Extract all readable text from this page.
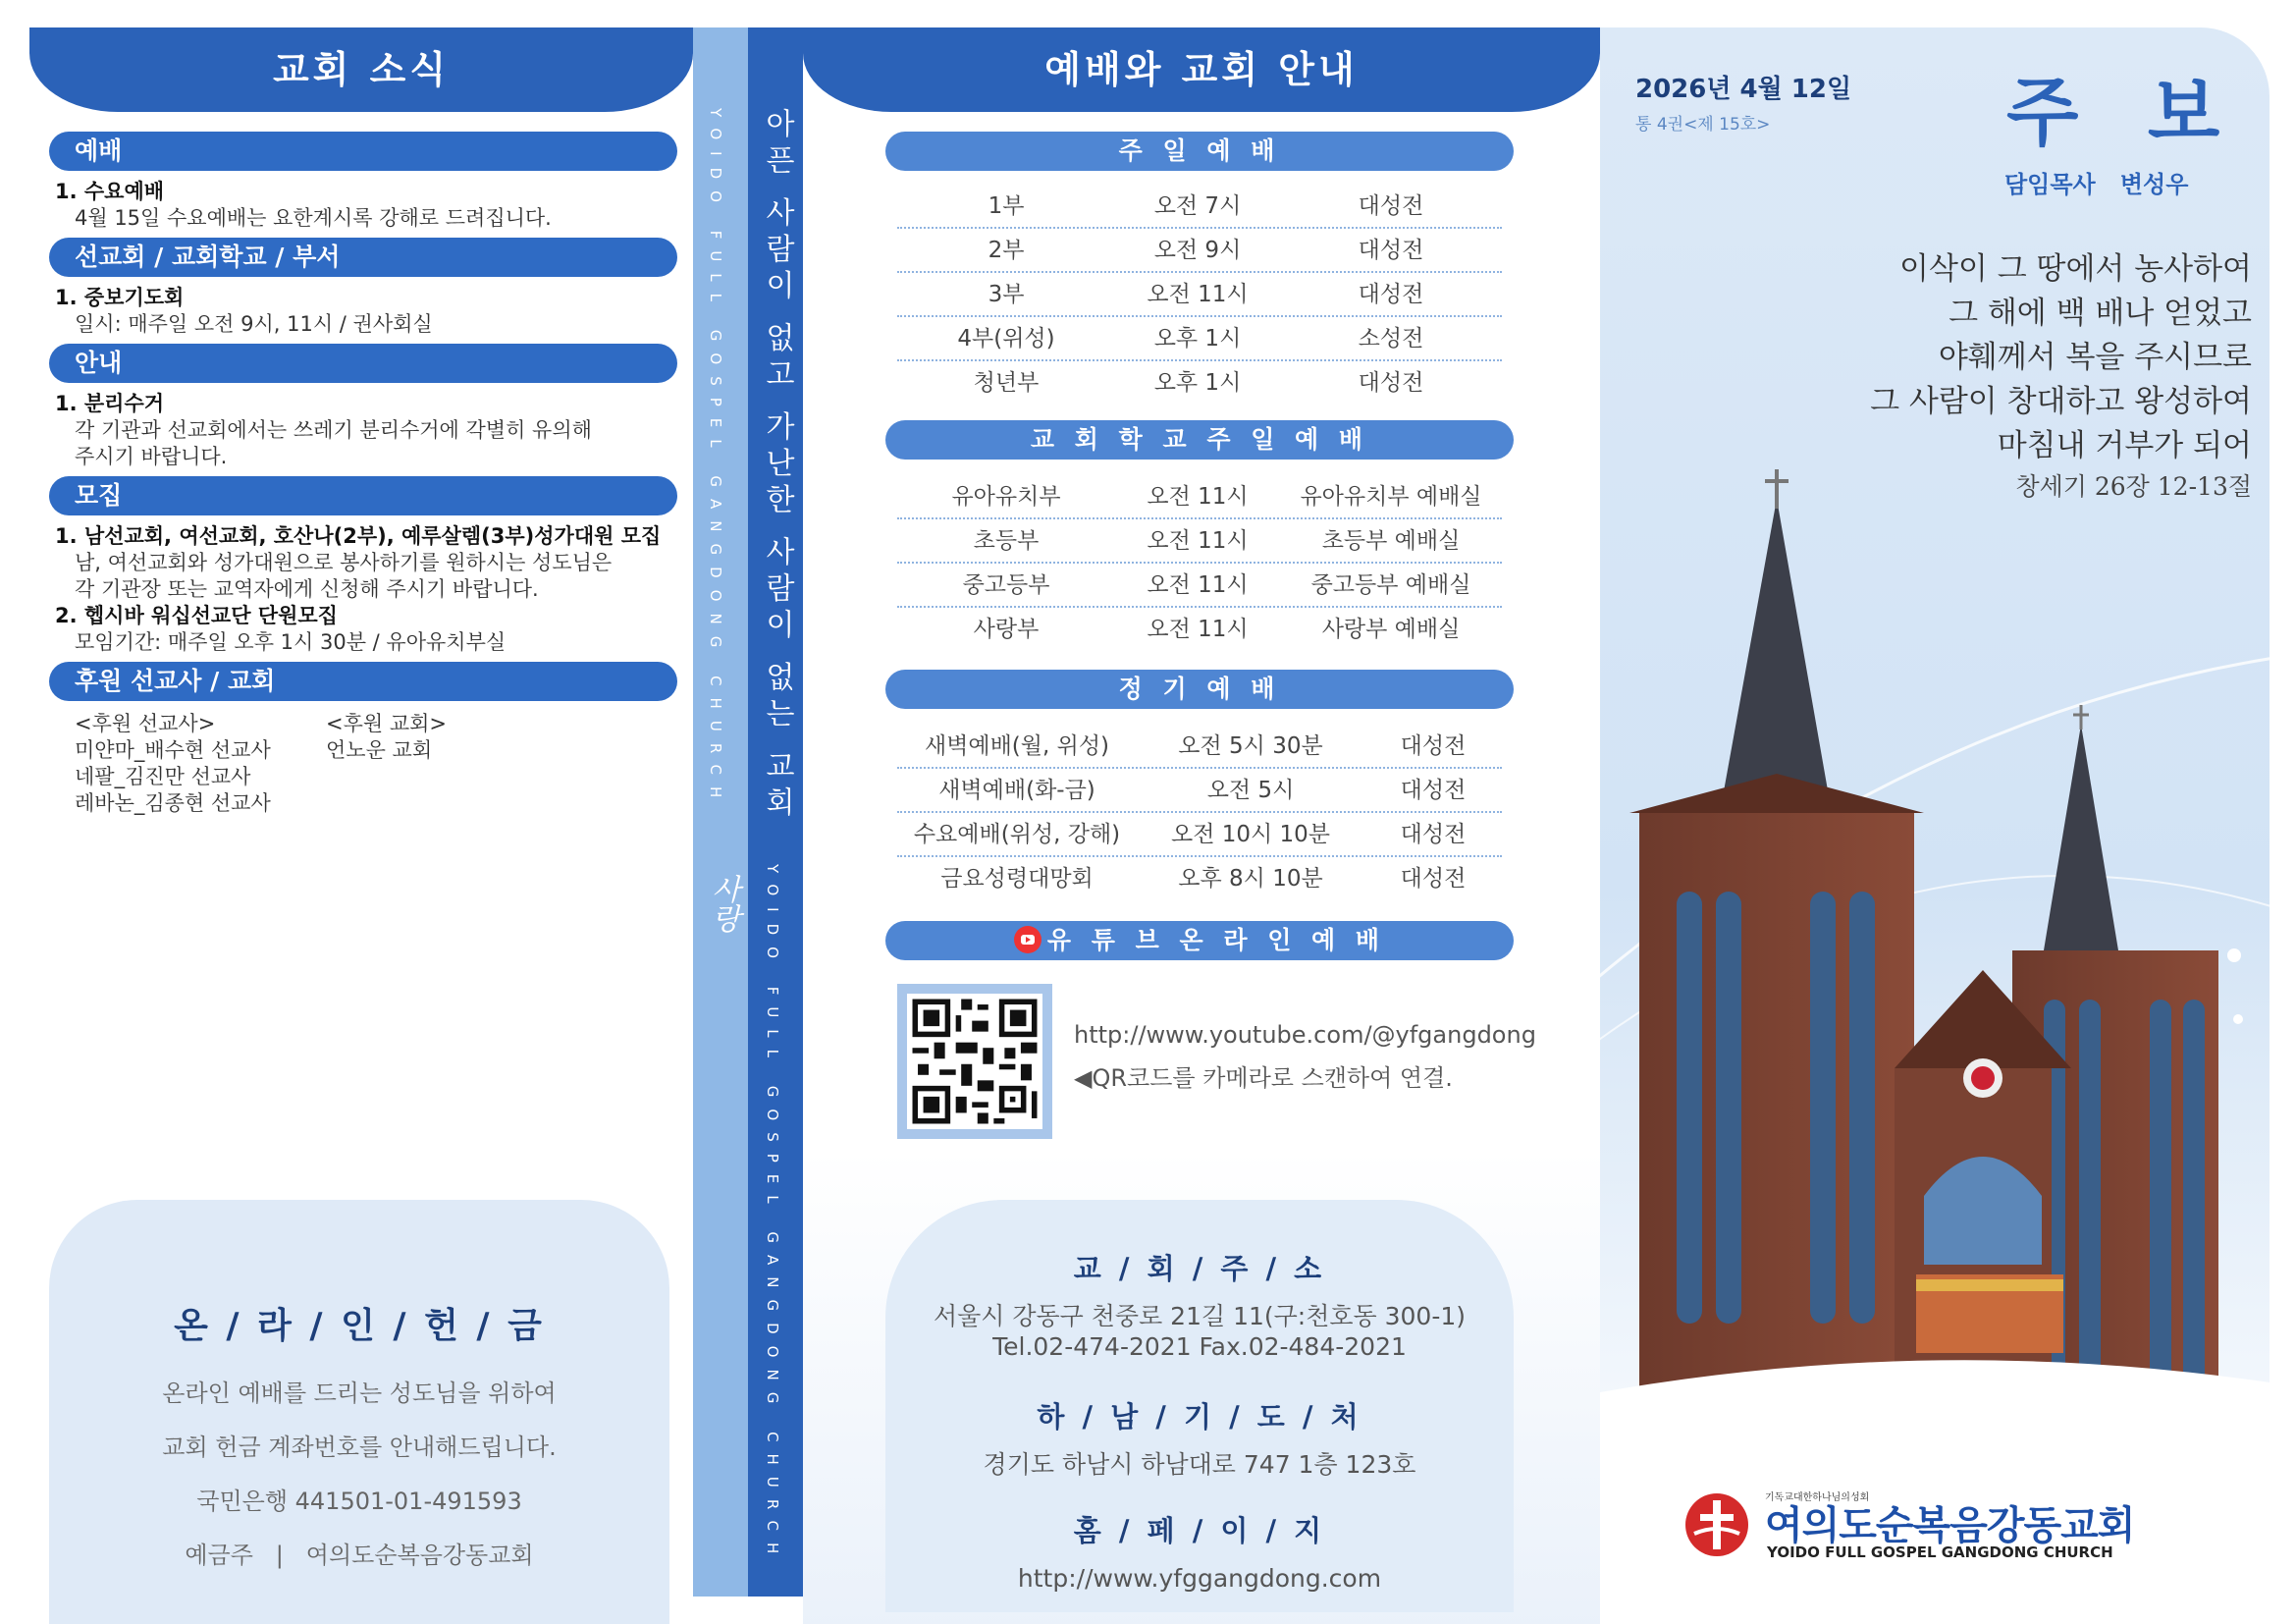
교회 소식
예배
1. 수요예배
4월 15일 수요예배는 요한계시록 강해로 드려집니다.
선교회 / 교회학교 / 부서
1. 중보기도회
일시: 매주일 오전 9시, 11시 / 권사회실
안내
1. 분리수거
각 기관과 선교회에서는 쓰레기 분리수거에 각별히 유의해
주시기 바랍니다.
모집
1. 남선교회, 여선교회, 호산나(2부), 예루살렘(3부)성가대원 모집
남, 여선교회와 성가대원으로 봉사하기를 원하시는 성도님은
각 기관장 또는 교역자에게 신청해 주시기 바랍니다.
2. 헵시바 워십선교단 단원모집
모임기간: 매주일 오후 1시 30분 / 유아유치부실
후원 선교사 / 교회
<후원 선교사>
미얀마_배수현 선교사
네팔_김진만 선교사
레바논_김종현 선교사
<후원 교회>
언노운 교회
온 / 라 / 인 / 헌 / 금
온라인 예배를 드리는 성도님을 위하여
교회 헌금 계좌번호를 안내해드립니다.
국민은행 441501-01-491593
예금주   |   여의도순복음강동교회
YOIDO FULL GOSPEL GANGDONG CHURCH
사랑
아픈 사람이 없고 가난한 사람이 없는 교회
YOIDO FULL GOSPEL GANGDONG CHURCH
예배와 교회 안내
주 일 예 배
1부	오전 7시	대성전
2부	오전 9시	대성전
3부	오전 11시	대성전
4부(위성)	오후 1시	소성전
청년부	오후 1시	대성전
교 회 학 교 주 일 예 배
유아유치부	오전 11시	유아유치부 예배실
초등부	오전 11시	초등부 예배실
중고등부	오전 11시	중고등부 예배실
사랑부	오전 11시	사랑부 예배실
정 기 예 배
새벽예배(월, 위성)	오전 5시 30분	대성전
새벽예배(화-금)	오전 5시	대성전
수요예배(위성, 강해)	오전 10시 10분	대성전
금요성령대망회	오후 8시 10분	대성전
유 튜 브 온 라 인 예 배
http://www.youtube.com/@yfgangdong
◀QR코드를 카메라로 스캔하여 연결.
교 / 회 / 주 / 소
서울시 강동구 천중로 21길 11(구:천호동 300-1)
Tel.02-474-2021 Fax.02-484-2021
하 / 남 / 기 / 도 / 처
경기도 하남시 하남대로 747 1층 123호
홈 / 페 / 이 / 지
http://www.yfggangdong.com
2026년 4월 12일
통 4권<제 15호>	주 보
담임목사 변성우
이삭이 그 땅에서 농사하여
그 해에 백 배나 얻었고
야훼께서 복을 주시므로
그 사람이 창대하고 왕성하여
마침내 거부가 되어
창세기 26장 12-13절
기독교대한하나님의성회
여의도순복음강동교회
YOIDO FULL GOSPEL GANGDONG CHURCH
